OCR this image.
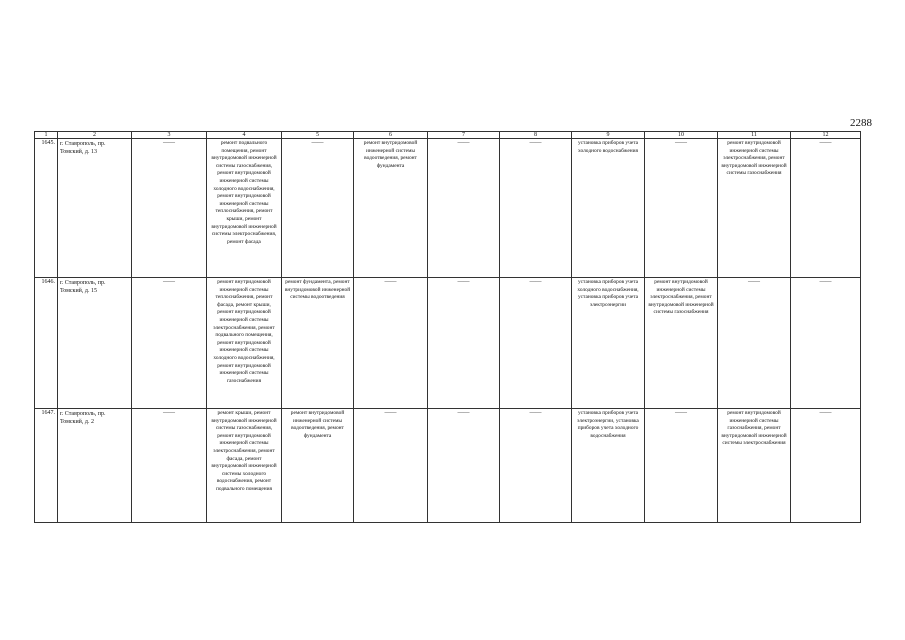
2288
1	2	3	4	5	6	7	8	9	10	11	12
1645.	г. Ставрополь, пр. Томский, д. 13	——	ремонт подвального помещения, ремонт внутридомовой инженерной системы газоснабжения, ремонт внутридомовой инженерной системы холодного водоснабжения, ремонт внутридомовой инженерной системы теплоснабжения, ремонт крыши, ремонт внутридомовой инженерной системы электроснабжения, ремонт фасада	——	ремонт внутридомовой инженерной системы водоотведения, ремонт фундамента	——	——	установка приборов учета холодного водоснабжения	——	ремонт внутридомовой инженерной системы электроснабжения, ремонт внутридомовой инженерной системы газоснабжения	——
1646.	г. Ставрополь, пр. Томский, д. 15	——	ремонт внутридомовой инженерной системы теплоснабжения, ремонт фасада, ремонт крыши, ремонт внутридомовой инженерной системы электроснабжения, ремонт подвального помещения, ремонт внутридомовой инженерной системы холодного водоснабжения, ремонт внутридомовой инженерной системы газоснабжения	ремонт фундамента, ремонт внутридомовой инженерной системы водоотведения	——	——	——	установка приборов учета холодного водоснабжения, установка приборов учета электроэнергии	ремонт внутридомовой инженерной системы электроснабжения, ремонт внутридомовой инженерной системы газоснабжения	——	——
1647.	г. Ставрополь, пр. Томский, д. 2	——	ремонт крыши, ремонт внутридомовой инженерной системы газоснабжения, ремонт внутридомовой инженерной системы электроснабжения, ремонт фасада, ремонт внутридомовой инженерной системы холодного водоснабжения, ремонт подвального помещения	ремонт внутридомовой инженерной системы водоотведения, ремонт фундамента	——	——	——	установка приборов учета электроэнергии, установка приборов учета холодного водоснабжения	——	ремонт внутридомовой инженерной системы газоснабжения, ремонт внутридомовой инженерной системы электроснабжения	——
